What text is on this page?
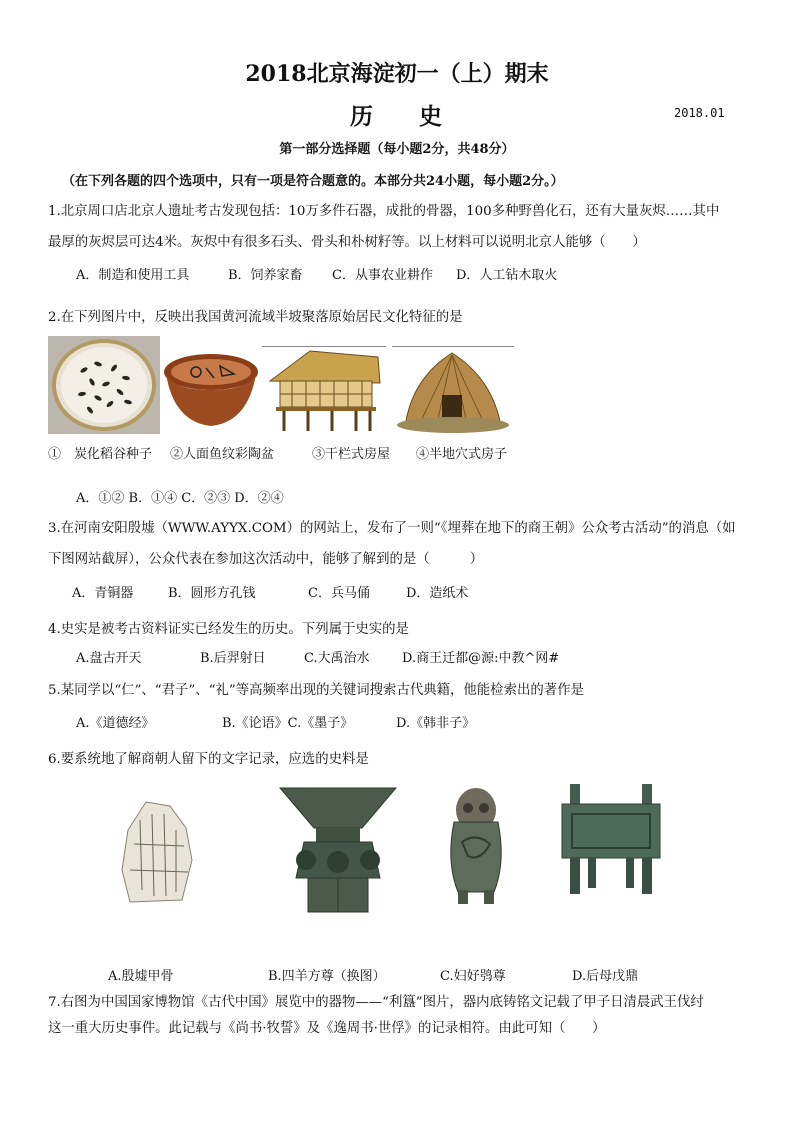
2018北京海淀初一（上）期末
历 史	2018.01
第一部分选择题（每小题2分，共48分）
（在下列各题的四个选项中，只有一项是符合题意的。本部分共24小题，每小题2分。）
1.北京周口店北京人遗址考古发现包括：10万多件石器，成批的骨器，100多种野兽化石，还有大量灰烬……其中
最厚的灰烬层可达4米。灰烬中有很多石头、骨头和朴树籽等。以上材料可以说明北京人能够（　　）
A．制造和使用工具	B．饲养家畜 C．从事农业耕作 D．人工钻木取火
2.在下列图片中，反映出我国黄河流域半坡聚落原始居民文化特征的是
①　炭化稻谷种子 ②人面鱼纹彩陶盆	③干栏式房屋 ④半地穴式房子
A．①② B．①④ C．②③ D．②④
3.在河南安阳殷墟（WWW.AYYX.COM）的网站上，发布了一则“《埋葬在地下的商王朝》公众考古活动”的消息（如
下图网站截屏），公众代表在参加这次活动中，能够了解到的是（　　　）
A．青铜器	B．圆形方孔钱	C．兵马俑	D．造纸术
4.史实是被考古资料证实已经发生的历史。下列属于史实的是
A.盘古开天	B.后羿射日	C.大禹治水 D.商王迁都@源:中教^网#
5.某同学以“仁”、“君子”、“礼”等高频率出现的关键词搜索古代典籍，他能检索出的著作是
A.《道德经》	B.《论语》C.《墨子》	D.《韩非子》
6.要系统地了解商朝人留下的文字记录，应选的史料是
A.殷墟甲骨	B.四羊方尊（换图）	C.妇好鸮尊	D.后母戊鼎
7.右图为中国国家博物馆《古代中国》展览中的器物——“利簋”图片，器内底铸铭文记载了甲子日清晨武王伐纣
这一重大历史事件。此记载与《尚书·牧誓》及《逸周书·世俘》的记录相符。由此可知（　　）
